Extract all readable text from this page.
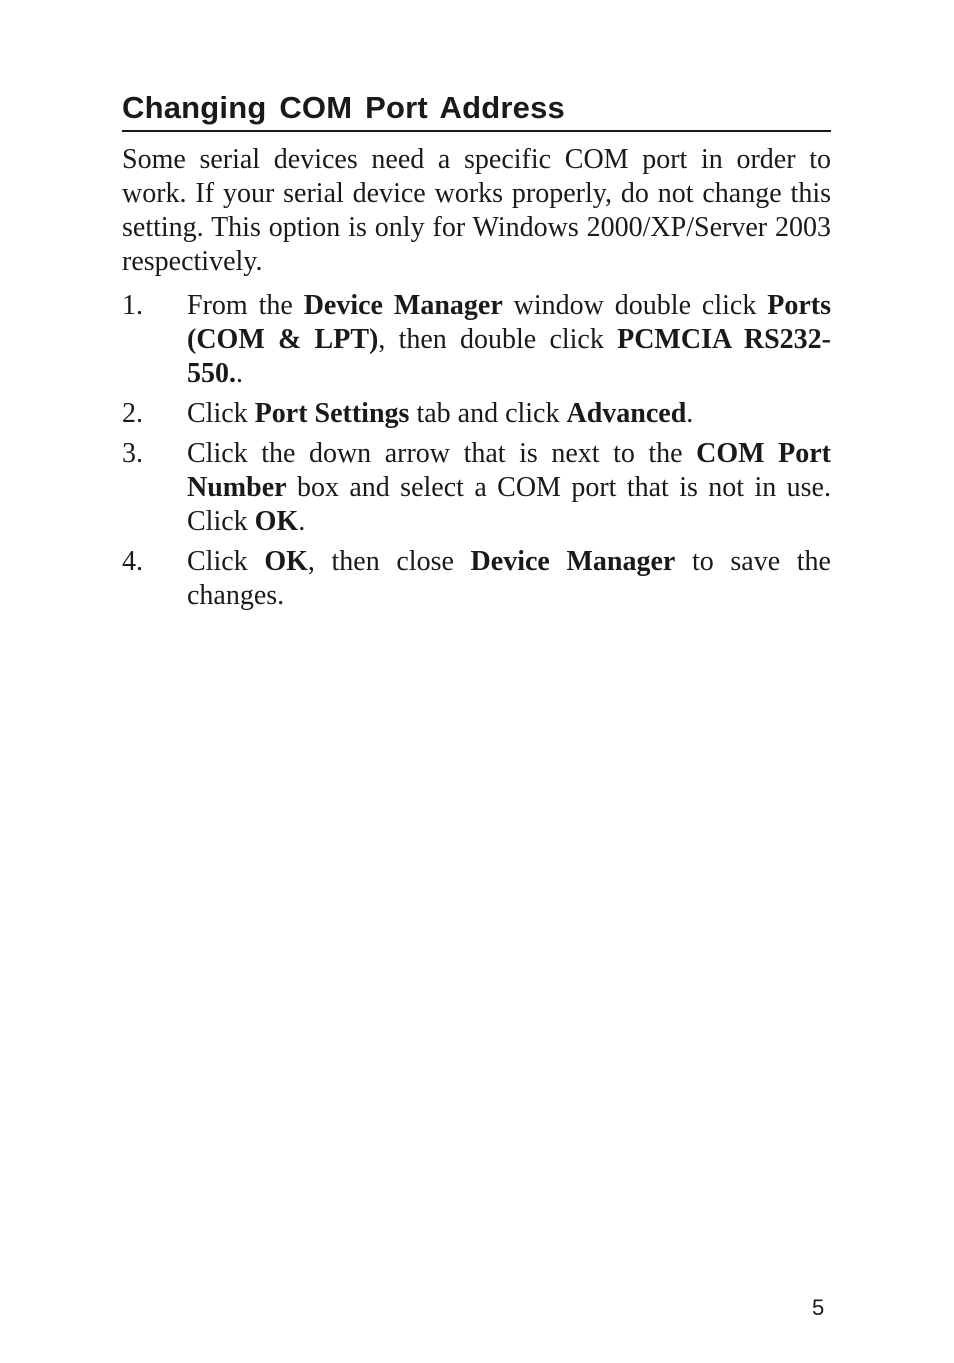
Changing COM Port Address

Some serial devices need a specific COM port in order to work. If your serial device works properly, do not change this setting. This option is only for Windows 2000/XP/Server 2003 respectively.

1.	From the Device Manager window double click Ports (COM & LPT), then double click PCMCIA RS232-550..
2.	Click Port Settings tab and click Advanced.
3.	Click the down arrow that is next to the COM Port Number box and select a COM port that is not in use. Click OK.
4.	Click OK, then close Device Manager to save the changes.
5
